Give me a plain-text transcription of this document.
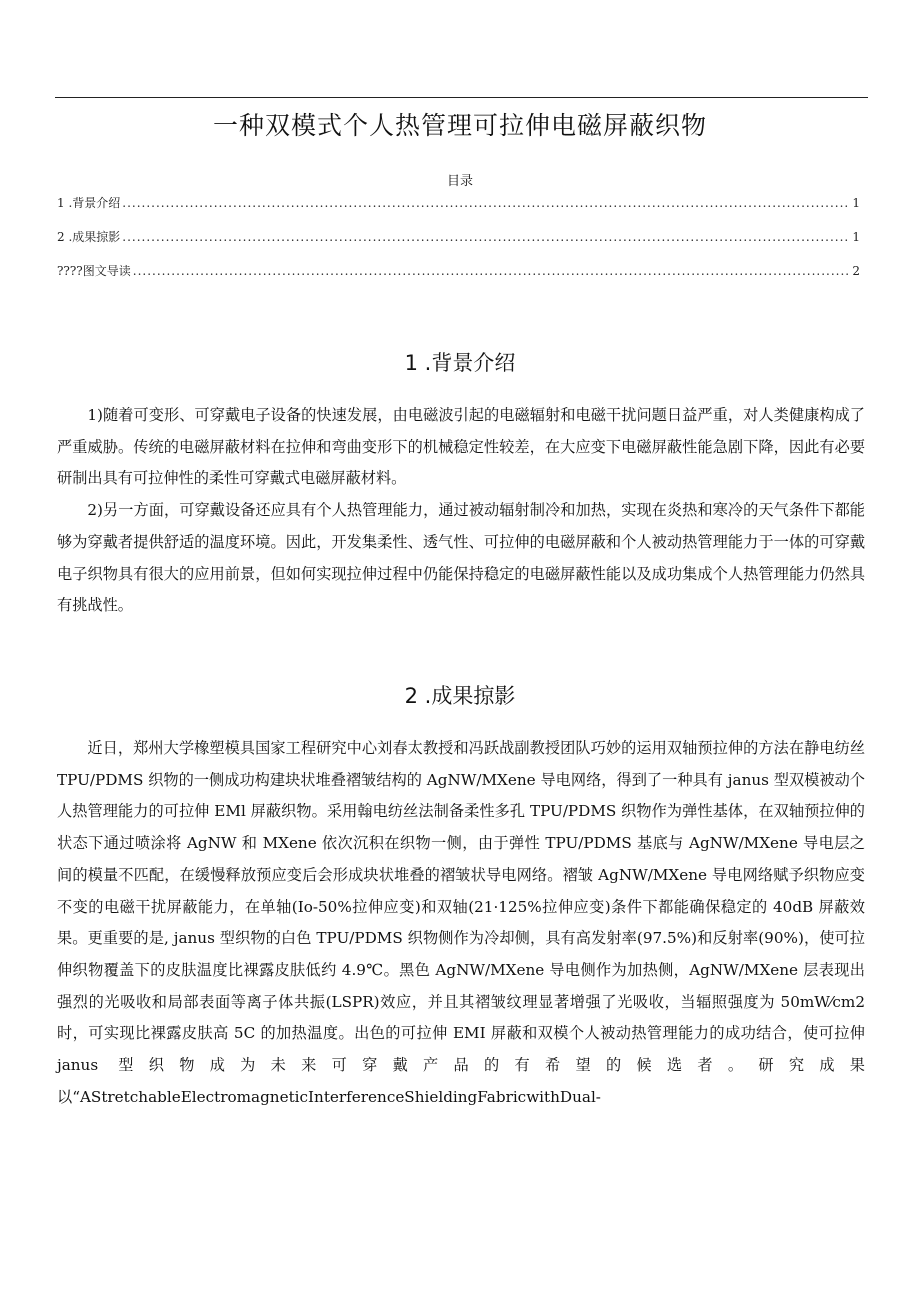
一种双模式个人热管理可拉伸电磁屏蔽织物
目录
1 .背景介绍 .....	1
2 .成果掠影 .....	1
????图文导读 .....	2
1 .背景介绍

1)随着可变形、可穿戴电子设备的快速发展，由电磁波引起的电磁辐射和电磁干扰问题日益严重，对人类健康构成了严重威胁。传统的电磁屏蔽材料在拉伸和弯曲变形下的机械稳定性较差，在大应变下电磁屏蔽性能急剧下降，因此有必要研制出具有可拉伸性的柔性可穿戴式电磁屏蔽材料。

2)另一方面，可穿戴设备还应具有个人热管理能力，通过被动辐射制冷和加热，实现在炎热和寒冷的天气条件下都能够为穿戴者提供舒适的温度环境。因此，开发集柔性、透气性、可拉伸的电磁屏蔽和个人被动热管理能力于一体的可穿戴电子织物具有很大的应用前景，但如何实现拉伸过程中仍能保持稳定的电磁屏蔽性能以及成功集成个人热管理能力仍然具有挑战性。

2 .成果掠影

近日，郑州大学橡塑模具国家工程研究中心刘春太教授和冯跃战副教授团队巧妙的运用双轴预拉伸的方法在静电纺丝 TPU/PDMS 织物的一侧成功构建块状堆叠褶皱结构的 AgNW/MXene 导电网络，得到了一种具有 janus 型双模被动个人热管理能力的可拉伸 EMl 屏蔽织物。采用翰电纺丝法制备柔性多孔 TPU/PDMS 织物作为弹性基体，在双轴预拉伸的状态下通过喷涂将 AgNW 和 MXene 依次沉积在织物一侧，由于弹性 TPU/PDMS 基底与 AgNW/MXene 导电层之间的模量不匹配，在缓慢释放预应变后会形成块状堆叠的褶皱状导电网络。褶皱 AgNW/MXene 导电网络赋予织物应变不变的电磁干扰屏蔽能力，在单轴(Io-50%拉伸应变)和双轴(21·125%拉伸应变)条件下都能确保稳定的 40dB 屏蔽效果。更重要的是, janus 型织物的白色 TPU/PDMS 织物侧作为冷却侧，具有高发射率(97.5%)和反射率(90%)，使可拉伸织物覆盖下的皮肤温度比裸露皮肤低约 4.9℃。黑色 AgNW/MXene 导电侧作为加热侧，AgNW/MXene 层表现出强烈的光吸收和局部表面等离子体共振(LSPR)效应，并且其褶皱纹理显著增强了光吸收，当辐照强度为 50mW⁄cm2 时，可实现比裸露皮肤高 5C 的加热温度。出色的可拉伸 EMI 屏蔽和双模个人被动热管理能力的成功结合，使可拉伸 janus 型织物成为未来可穿戴产品的有希望的候选者。研究成果以“AStretchableElectromagneticInterferenceShieldingFabricwithDual-
